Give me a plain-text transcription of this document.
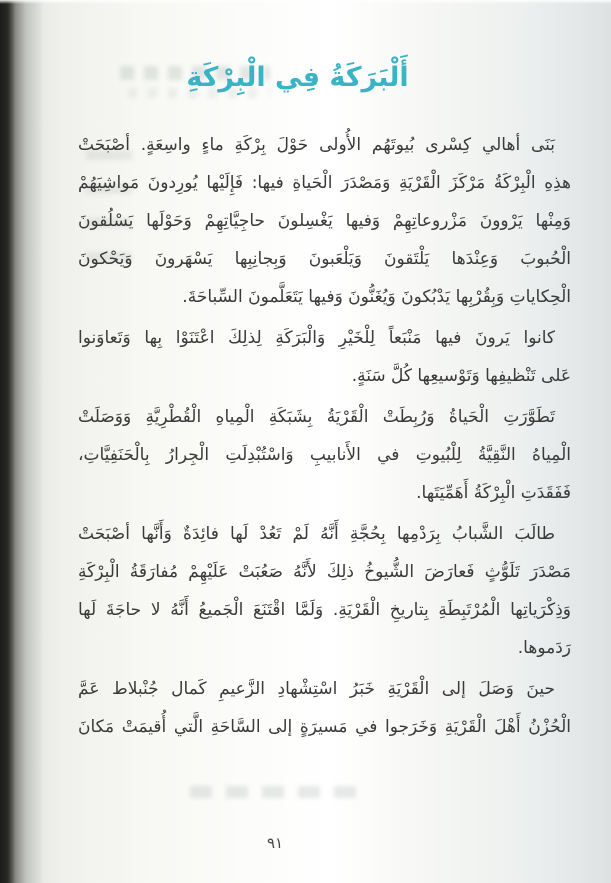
أَلْبَرَكَةُ فِي الْبِرْكَةِ
بَنَى أهالي كِسْرى بُيوتَهُم الأُولى حَوْلَ بِرْكَةِ ماءٍ واسِعَةٍ. أصْبَحَتْ
هذِهِ الْبِرْكَةُ مَرْكَزَ الْقَرْيَةِ وَمَصْدَرَ الْحَياةِ فيها: فَإِلَيْها يُورِدونَ مَواشِيَهُمْ
وَمِنْها يَرْوونَ مَزْروعاتِهِمْ وَفيها يَغْسِلونَ حاجِيَّاتِهِمْ وَحَوْلَها يَسْلُقونَ
الْحُبوبَ وَعِنْدَها يَلْتَقونَ وَيَلْعَبونَ وَبِجانِبِها يَسْهَرونَ وَيَحْكونَ
الْحِكاياتِ وَبِقُرْبِها يَدْبُكونَ وَيُغَنُّونَ وَفيها يَتَعَلَّمونَ السِّباحَةَ.
كانوا يَرونَ فيها مَنْبَعاً لِلْخَيْرِ وَالْبَرَكَةِ لِذلِكَ اعْتَنَوْا بِها وَتَعاوَنوا
عَلى تَنْظيفِها وَتَوْسيعِها كُلَّ سَنَةٍ.
تَطَوَّرَتِ الْحَياةُ وَرُبِطَتْ الْقَرْيَةُ بِشَبَكَةِ الْمِياهِ الْقُطْرِيَّةِ وَوَصَلَتْ
الْمِياهُ النَّقِيَّةُ لِلْبُيوتِ في الأَنابيبِ وَاسْتُبْدِلَتِ الْجِرارُ بِالْحَنَفِيَّاتِ،
فَفَقَدَتِ الْبِرْكَةُ أَهَمِّيَتَها.
طالَبَ الشَّبابُ بِرَدْمِها بِحُجَّةِ أَنَّهُ لَمْ تَعُدْ لَها فائِدَةٌ وَأَنَّها أصْبَحَتْ
مَصْدَرَ تَلَوُّثٍ فَعارَضَ الشُّيوخُ ذلِكَ لأَنَّهُ صَعُبَتْ عَلَيْهِمْ مُفارَقَةُ الْبِرْكَةِ
وَذِكْرَياتِها الْمُرْتَبِطَةِ بِتاريخِ الْقَرْيَةِ. وَلَمَّا اقْتَنَعَ الْجَميعُ أَنَّهُ لا حاجَةَ لَها
رَدَموها.
حينَ وَصَلَ إلى الْقَرْيَةِ خَبَرُ اسْتِشْهادِ الزَّعيمِ كَمال جُنْبلاط عَمَّ
الْحُزْنُ أَهْلَ الْقَرْيَةِ وَخَرَجوا في مَسيرَةٍ إلى السَّاحَةِ الَّتي أُقيمَتْ مَكانَ
٩١
